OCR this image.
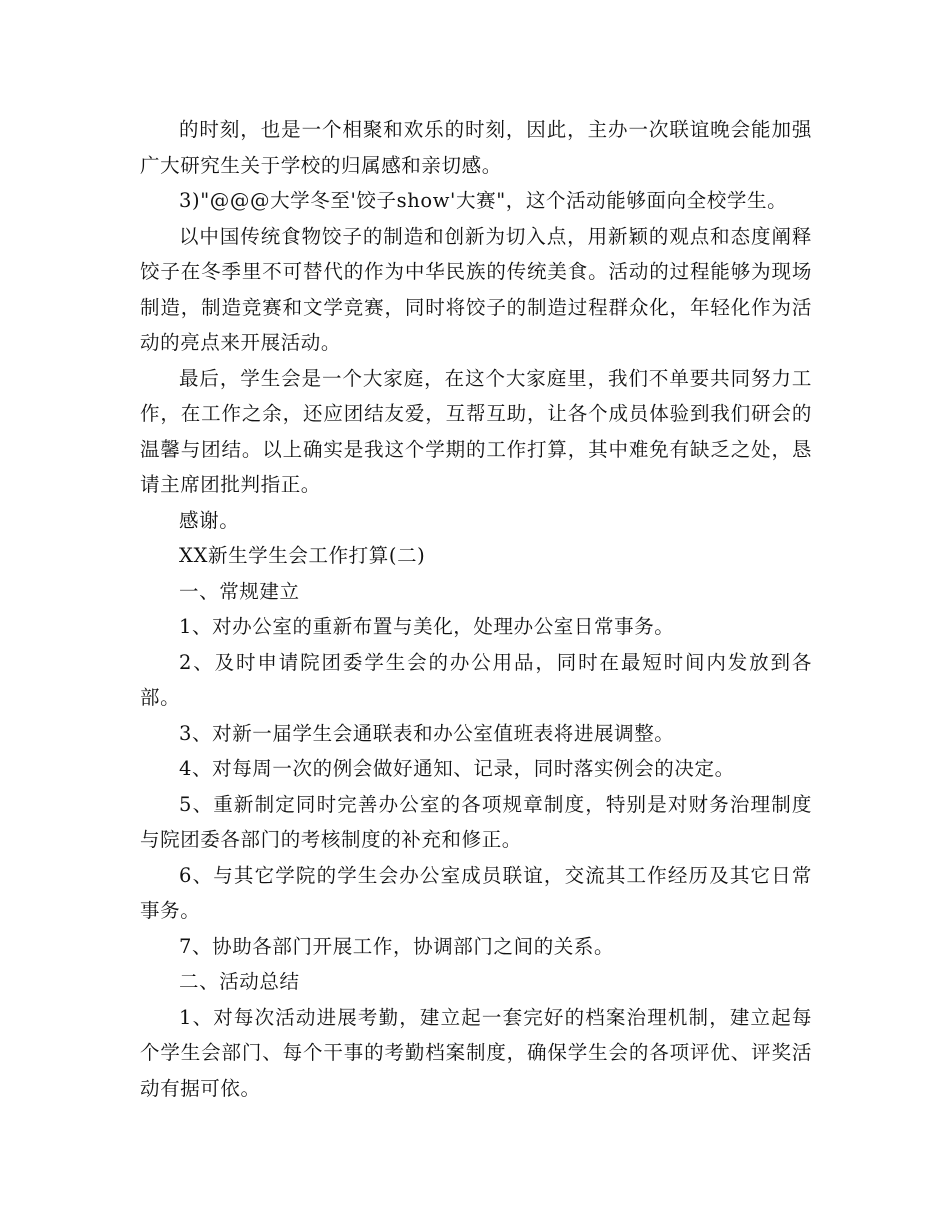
的时刻，也是一个相聚和欢乐的时刻，因此，主办一次联谊晚会能加强广大研究生关于学校的归属感和亲切感。

3)"@@@大学冬至'饺子show'大赛"，这个活动能够面向全校学生。

以中国传统食物饺子的制造和创新为切入点，用新颖的观点和态度阐释饺子在冬季里不可替代的作为中华民族的传统美食。活动的过程能够为现场制造，制造竞赛和文学竞赛，同时将饺子的制造过程群众化，年轻化作为活动的亮点来开展活动。

最后，学生会是一个大家庭，在这个大家庭里，我们不单要共同努力工作，在工作之余，还应团结友爱，互帮互助，让各个成员体验到我们研会的温馨与团结。以上确实是我这个学期的工作打算，其中难免有缺乏之处，恳请主席团批判指正。

感谢。

XX新生学生会工作打算(二)

一、常规建立

1、对办公室的重新布置与美化，处理办公室日常事务。

2、及时申请院团委学生会的办公用品，同时在最短时间内发放到各部。

3、对新一届学生会通联表和办公室值班表将进展调整。

4、对每周一次的例会做好通知、记录，同时落实例会的决定。

5、重新制定同时完善办公室的各项规章制度，特别是对财务治理制度与院团委各部门的考核制度的补充和修正。

6、与其它学院的学生会办公室成员联谊，交流其工作经历及其它日常事务。

7、协助各部门开展工作，协调部门之间的关系。

二、活动总结

1、对每次活动进展考勤，建立起一套完好的档案治理机制，建立起每个学生会部门、每个干事的考勤档案制度，确保学生会的各项评优、评奖活动有据可依。
